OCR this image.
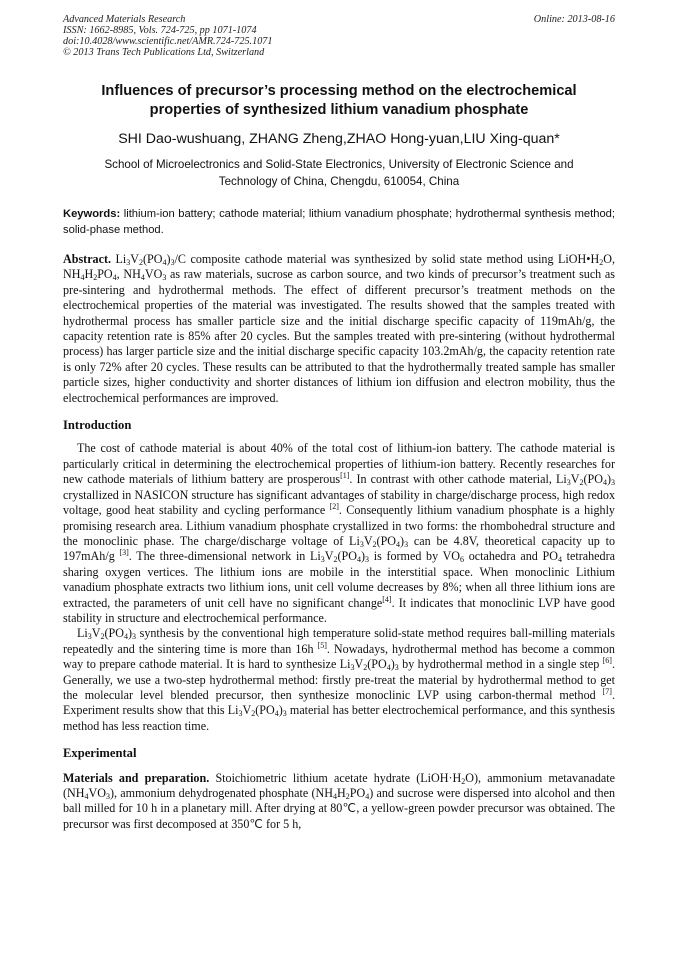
Advanced Materials Research
ISSN: 1662-8985, Vols. 724-725, pp 1071-1074
doi:10.4028/www.scientific.net/AMR.724-725.1071
© 2013 Trans Tech Publications Ltd, Switzerland
Online: 2013-08-16
Influences of precursor’s processing method on the electrochemical
properties of synthesized lithium vanadium phosphate
SHI Dao-wushuang, ZHANG Zheng,ZHAO Hong-yuan,LIU Xing-quan*
School of Microelectronics and Solid-State Electronics, University of Electronic Science and
Technology of China, Chengdu, 610054, China
Keywords: lithium-ion battery; cathode material; lithium vanadium phosphate; hydrothermal synthesis method; solid-phase method.

Abstract. $Li_3V_2(PO_4)_3/C$ composite cathode material was synthesized by solid state method using $LiOH•H_2O$, $NH_4H_2PO_4$, $NH_4VO_3$ as raw materials, sucrose as carbon source, and two kinds of precursor’s treatment such as pre-sintering and hydrothermal methods. The effect of different precursor’s treatment methods on the electrochemical properties of the material was investigated. The results showed that the samples treated with hydrothermal process has smaller particle size and the initial discharge specific capacity of 119mAh/g, the capacity retention rate is 85% after 20 cycles. But the samples treated with pre-sintering (without hydrothermal process) has larger particle size and the initial discharge specific capacity 103.2mAh/g, the capacity retention rate is only 72% after 20 cycles. These results can be attributed to that the hydrothermally treated sample has smaller particle sizes, higher conductivity and shorter distances of lithium ion diffusion and electron mobility, thus the electrochemical performances are improved.

Introduction

The cost of cathode material is about 40% of the total cost of lithium-ion battery. The cathode material is particularly critical in determining the electrochemical properties of lithium-ion battery. Recently researches for new cathode materials of lithium battery are prosperous[1]. In contrast with other cathode material, $Li_3V_2(PO_4)_3$ crystallized in NASICON structure has significant advantages of stability in charge/discharge process, high redox voltage, good heat stability and cycling performance [2]. Consequently lithium vanadium phosphate is a highly promising research area. Lithium vanadium phosphate crystallized in two forms: the rhombohedral structure and the monoclinic phase. The charge/discharge voltage of $Li_3V_2(PO_4)_3$ can be 4.8V, theoretical capacity up to 197mAh/g [3]. The three-dimensional network in $Li_3V_2(PO_4)_3$ is formed by $VO_6$ octahedra and $PO_4$ tetrahedra sharing oxygen vertices. The lithium ions are mobile in the interstitial space. When monoclinic Lithium vanadium phosphate extracts two lithium ions, unit cell volume decreases by 8%; when all three lithium ions are extracted, the parameters of unit cell have no significant change[4]. It indicates that monoclinic LVP have good stability in structure and electrochemical performance.

$Li_3V_2(PO_4)_3$ synthesis by the conventional high temperature solid-state method requires ball-milling materials repeatedly and the sintering time is more than 16h [5]. Nowadays, hydrothermal method has become a common way to prepare cathode material. It is hard to synthesize $Li_3V_2(PO_4)_3$ by hydrothermal method in a single step [6]. Generally, we use a two-step hydrothermal method: firstly pre-treat the material by hydrothermal method to get the molecular level blended precursor, then synthesize monoclinic LVP using carbon-thermal method [7]. Experiment results show that this $Li_3V_2(PO_4)_3$ material has better electrochemical performance, and this synthesis method has less reaction time.

Experimental

Materials and preparation. Stoichiometric lithium acetate hydrate $(LiOH\cdot H_2O)$, ammonium metavanadate $(NH_4VO_3)$, ammonium dehydrogenated phosphate $(NH_4H_2PO_4)$ and sucrose were dispersed into alcohol and then ball milled for 10 h in a planetary mill. After drying at 80℃, a yellow-green powder precursor was obtained. The precursor was first decomposed at 350℃ for 5 h,
